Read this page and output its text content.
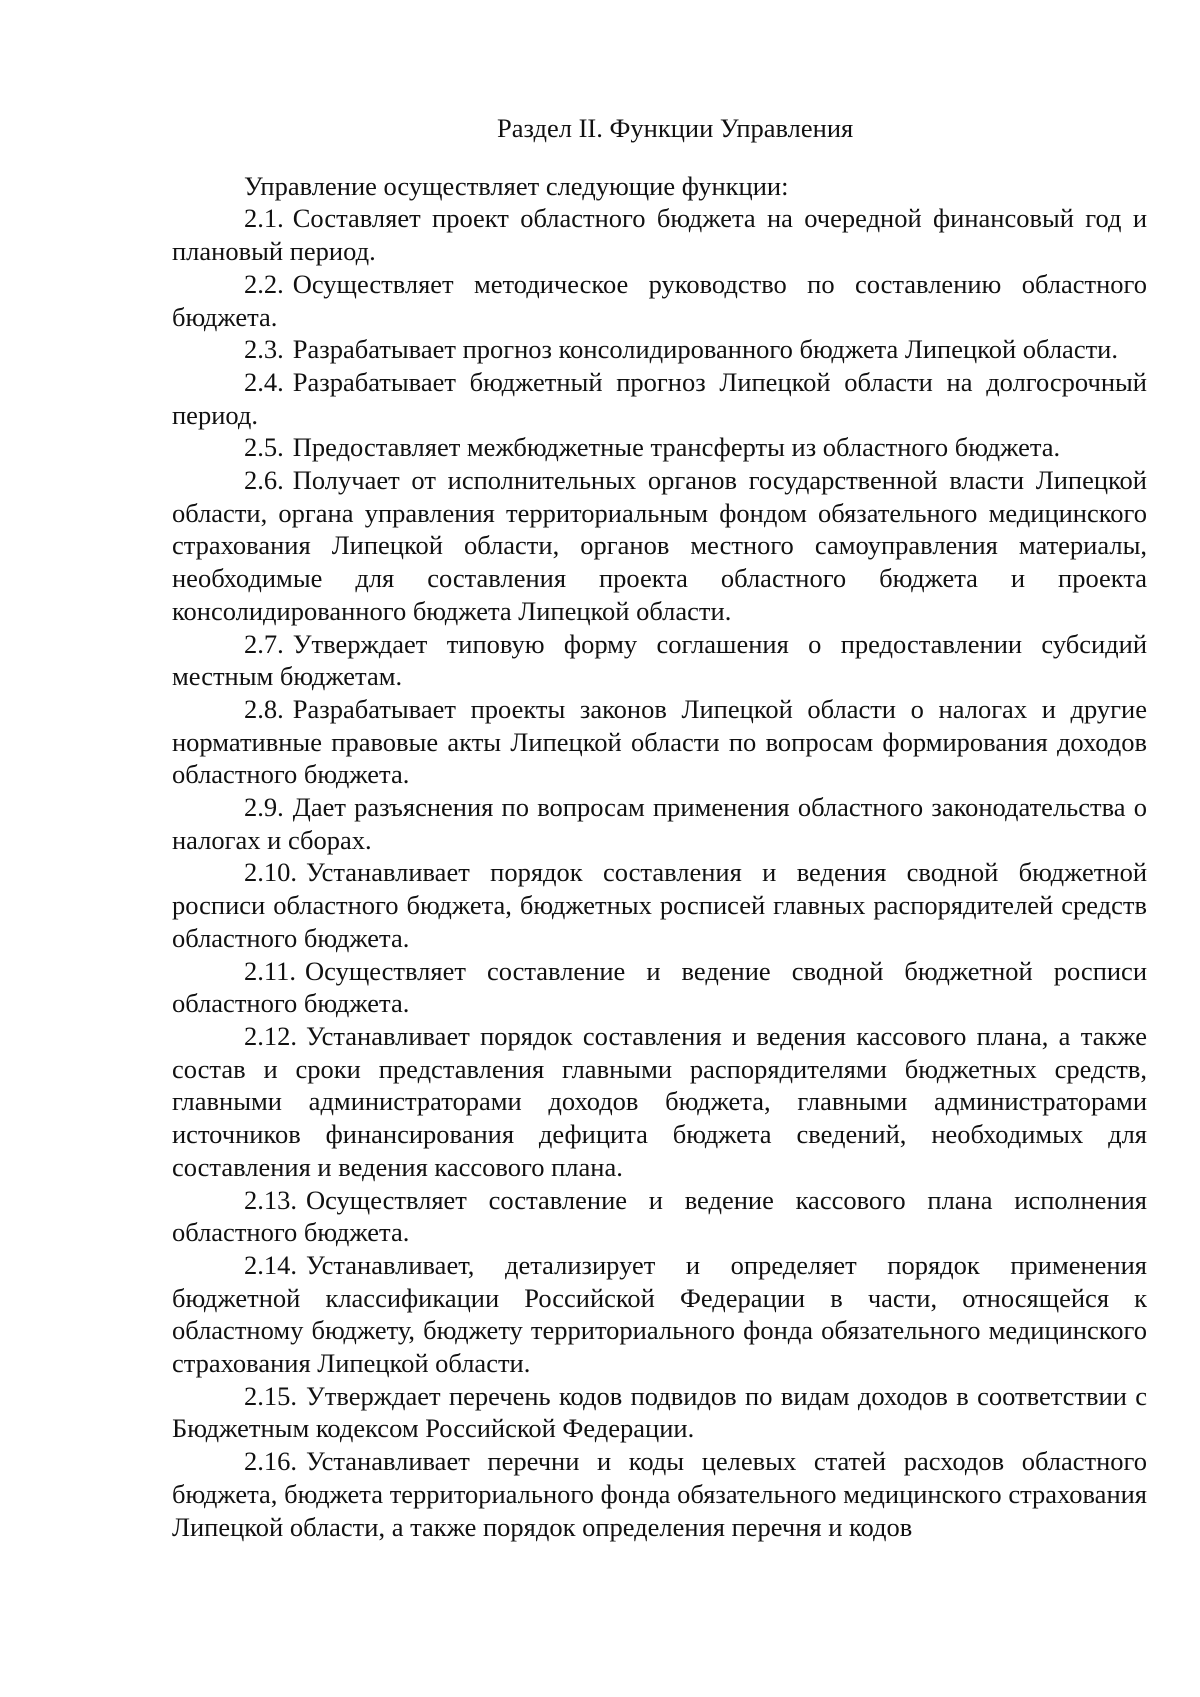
Раздел II. Функции Управления

Управление осуществляет следующие функции:

2.1. Составляет проект областного бюджета на очередной финансовый год и плановый период.

2.2. Осуществляет методическое руководство по составлению областного бюджета.

2.3. Разрабатывает прогноз консолидированного бюджета Липецкой области.

2.4. Разрабатывает бюджетный прогноз Липецкой области на долгосрочный период.

2.5. Предоставляет межбюджетные трансферты из областного бюджета.

2.6. Получает от исполнительных органов государственной власти Липецкой области, органа управления территориальным фондом обязательного медицинского страхования Липецкой области, органов местного самоуправления материалы, необходимые для составления проекта областного бюджета и проекта консолидированного бюджета Липецкой области.

2.7. Утверждает типовую форму соглашения о предоставлении субсидий местным бюджетам.

2.8. Разрабатывает проекты законов Липецкой области о налогах и другие нормативные правовые акты Липецкой области по вопросам формирования доходов областного бюджета.

2.9. Дает разъяснения по вопросам применения областного законодательства о налогах и сборах.

2.10. Устанавливает порядок составления и ведения сводной бюджетной росписи областного бюджета, бюджетных росписей главных распорядителей средств областного бюджета.

2.11. Осуществляет составление и ведение сводной бюджетной росписи областного бюджета.

2.12. Устанавливает порядок составления и ведения кассового плана, а также состав и сроки представления главными распорядителями бюджетных средств, главными администраторами доходов бюджета, главными администраторами источников финансирования дефицита бюджета сведений, необходимых для составления и ведения кассового плана.

2.13. Осуществляет составление и ведение кассового плана исполнения областного бюджета.

2.14. Устанавливает, детализирует и определяет порядок применения бюджетной классификации Российской Федерации в части, относящейся к областному бюджету, бюджету территориального фонда обязательного медицинского страхования Липецкой области.

2.15. Утверждает перечень кодов подвидов по видам доходов в соответствии с Бюджетным кодексом Российской Федерации.

2.16. Устанавливает перечни и коды целевых статей расходов областного бюджета, бюджета территориального фонда обязательного медицинского страхования Липецкой области, а также порядок определения перечня и кодов
